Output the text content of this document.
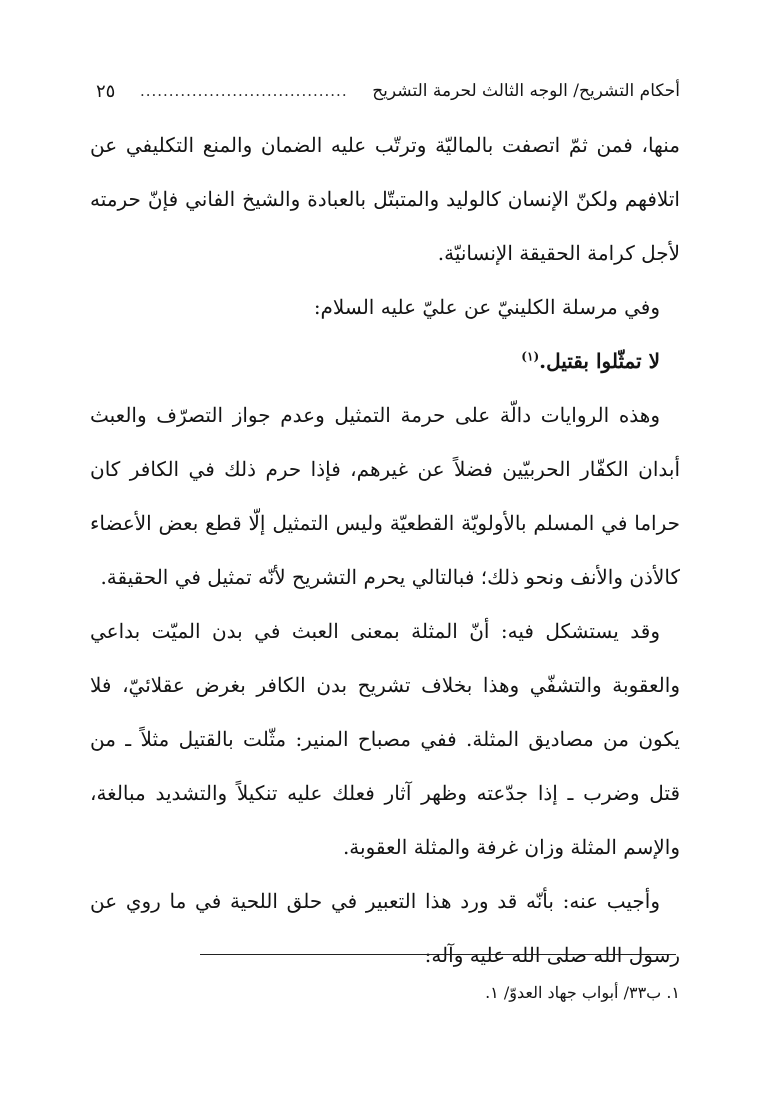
أحكام التشريح/ الوجه الثالث لحرمة التشريح
....................................
٢٥
منها، فمن ثمّ اتصفت بالماليّة وترتّب عليه الضمان والمنع التكليفي عن
اتلافهم ولكنّ الإنسان كالوليد والمتبتّل بالعبادة والشيخ الفاني فإنّ حرمته
لأجل كرامة الحقيقة الإنسانيّة.
وفي مرسلة الكلينيّ عن عليّ عليه السلام:
لا تمثّلوا بقتيل.$^{(١)}$
وهذه الروايات دالّة على حرمة التمثيل وعدم جواز التصرّف والعبث
أبدان الكفّار الحربيّين فضلاً عن غيرهم، فإذا حرم ذلك في الكافر كان
حراما في المسلم بالأولويّة القطعيّة وليس التمثيل إلّا قطع بعض الأعضاء
كالأذن والأنف ونحو ذلك؛ فبالتالي يحرم التشريح لأنّه تمثيل في الحقيقة.
وقد يستشكل فيه: أنّ المثلة بمعنى العبث في بدن الميّت بداعي
والعقوبة والتشفّي وهذا بخلاف تشريح بدن الكافر بغرض عقلائيّ، فلا
يكون من مصاديق المثلة. ففي مصباح المنير: مثّلت بالقتيل مثلاً ـ من
قتل وضرب ـ إذا جدّعته وظهر آثار فعلك عليه تنكيلاً والتشديد مبالغة،
والإسم المثلة وزان غرفة والمثلة العقوبة.
وأجيب عنه: بأنّه قد ورد هذا التعبير في حلق اللحية في ما روي عن
رسول الله صلى الله عليه وآله:
١. ب٣٣/ أبواب جهاد العدوّ/ ١.
